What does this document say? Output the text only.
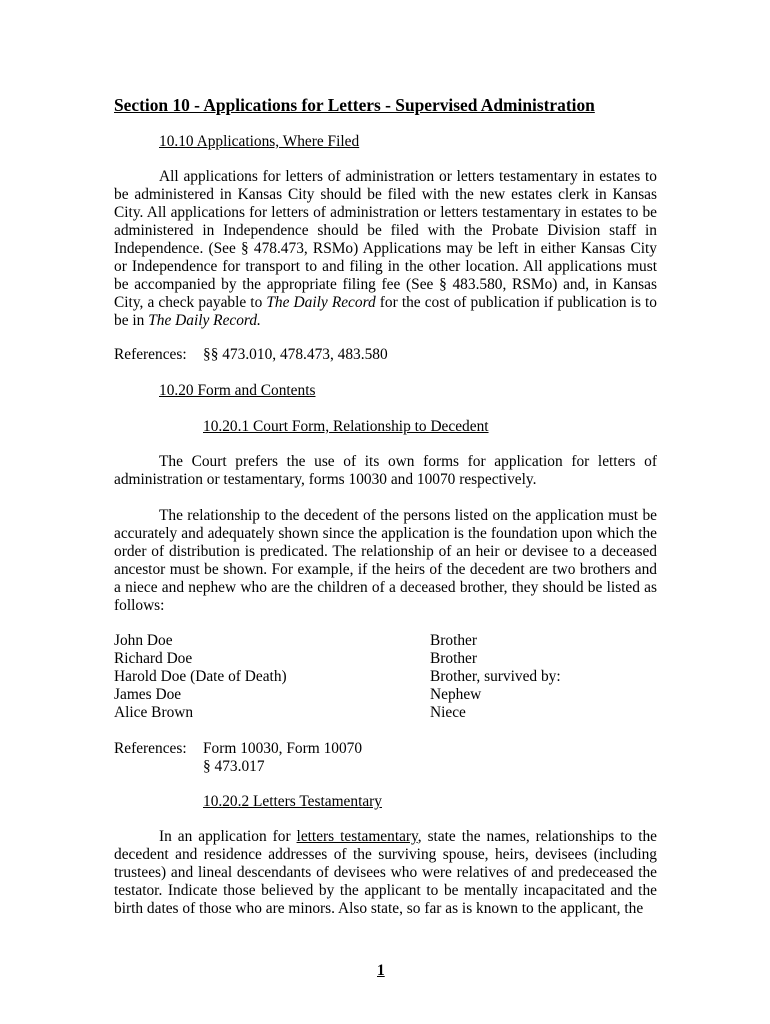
Section 10 - Applications for Letters - Supervised Administration
10.10 Applications, Where Filed

All applications for letters of administration or letters testamentary in estates to be administered in Kansas City should be filed with the new estates clerk in Kansas City. All applications for letters of administration or letters testamentary in estates to be administered in Independence should be filed with the Probate Division staff in Independence. (See § 478.473, RSMo) Applications may be left in either Kansas City or Independence for transport to and filing in the other location. All applications must be accompanied by the appropriate filing fee (See § 483.580, RSMo) and, in Kansas City, a check payable to The Daily Record for the cost of publication if publication is to be in The Daily Record.

References: §§ 473.010, 478.473, 483.580
10.20 Form and Contents
10.20.1 Court Form, Relationship to Decedent

The Court prefers the use of its own forms for application for letters of administration or testamentary, forms 10030 and 10070 respectively.

The relationship to the decedent of the persons listed on the application must be accurately and adequately shown since the application is the foundation upon which the order of distribution is predicated. The relationship of an heir or devisee to a deceased ancestor must be shown. For example, if the heirs of the decedent are two brothers and a niece and nephew who are the children of a deceased brother, they should be listed as follows:

John Doe	Brother
Richard Doe	Brother
Harold Doe (Date of Death)	Brother, survived by:
James Doe	Nephew
Alice Brown	Niece
References: Form 10030, Form 10070
§ 473.017
10.20.2 Letters Testamentary

In an application for letters testamentary, state the names, relationships to the decedent and residence addresses of the surviving spouse, heirs, devisees (including trustees) and lineal descendants of devisees who were relatives of and predeceased the testator. Indicate those believed by the applicant to be mentally incapacitated and the birth dates of those who are minors. Also state, so far as is known to the applicant, the

1
